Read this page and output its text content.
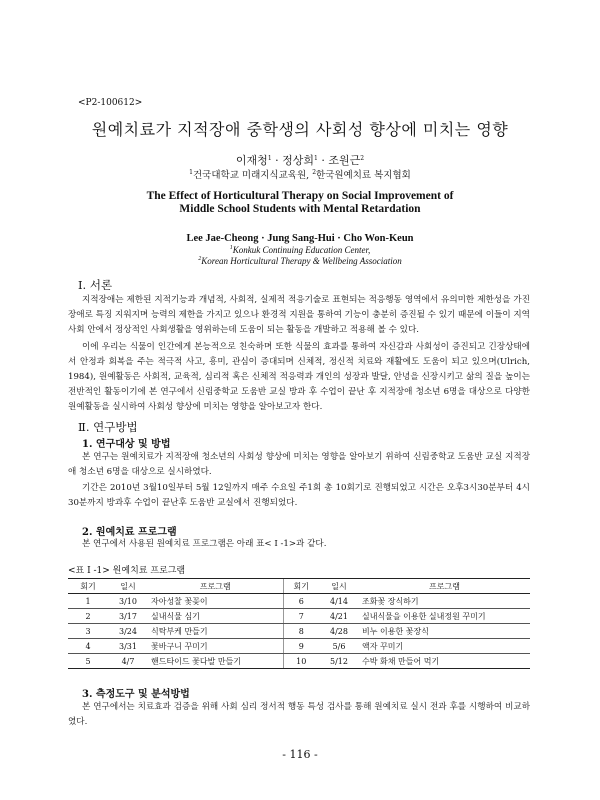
<P2-100612>
원예치료가 지적장애 중학생의 사회성 향상에 미치는 영향
이재청$^1$ · 정상희$^1$ · 조원근$^2$
$^1$건국대학교 미래지식교육원, $^2$한국원예치료 복지협회
The Effect of Horticultural Therapy on Social Improvement of
Middle School Students with Mental Retardation
Lee Jae-Cheong · Jung Sang-Hui · Cho Won-Keun
$^1$Konkuk Continuing Education Center,
$^2$Korean Horticultural Therapy & Wellbeing Association
Ⅰ. 서론

지적장애는 제한된 지적기능과 개념적, 사회적, 실제적 적응기술로 표현되는 적응행동 영역에서 유의미한 제한성을 가진 장애로 특징 지워지며 능력의 제한을 가지고 있으나 환경적 지원을 통하여 기능이 충분히 증진될 수 있기 때문에 이들이 지역사회 안에서 정상적인 사회생활을 영위하는데 도움이 되는 활동을 개발하고 적용해 볼 수 있다.

이에 우리는 식물이 인간에게 본능적으로 친숙하며 또한 식물의 효과를 통하여 자신감과 사회성이 증진되고 긴장상태에서 안정과 회복을 주는 적극적 사고, 흥미, 관심이 증대되며 신체적, 정신적 치료와 재활에도 도움이 되고 있으며(Ulrich, 1984), 원예활동은 사회적, 교육적, 심리적 혹은 신체적 적응력과 개인의 성장과 발달, 안녕을 신장시키고 삶의 질을 높이는 전반적인 활동이기에 본 연구에서 신림중학교 도움반 교실 방과 후 수업이 끝난 후 지적장애 청소년 6명을 대상으로 다양한 원예활동을 실시하여 사회성 향상에 미치는 영향을 알아보고자 한다.

Ⅱ. 연구방법
1. 연구대상 및 방법

본 연구는 원예치료가 지적장애 청소년의 사회성 향상에 미치는 영향을 알아보기 위하여 신림중학교 도움반 교실 지적장애 청소년 6명을 대상으로 실시하였다.

기간은 2010년 3월10일부터 5월 12일까지 매주 수요일 주1회 총 10회기로 진행되었고 시간은 오후3시30분부터 4시 30분까지 방과후 수업이 끝난후 도움반 교실에서 진행되었다.

2. 원예치료 프로그램

본 연구에서 사용된 원예치료 프로그램은 아래 표< I -1>과 같다.

<표 I -1> 원예치료 프로그램
회기	일시	프로그램	회기	일시	프로그램
1	3/10	자아성찰 꽃꽂이	6	4/14	조화꽃 장식하기
2	3/17	실내식물 심기	7	4/21	실내식물을 이용한 실내정원 꾸미기
3	3/24	식탁부케 만들기	8	4/28	비누 이용한 꽃장식
4	3/31	꽃바구니 꾸미기	9	5/6	액자 꾸미기
5	4/7	핸드타이드 꽃다발 만들기	10	5/12	수박 화채 만들어 먹기
3. 측정도구 및 분석방법

본 연구에서는 치료효과 검증을 위해 사회 심리 정서적 행동 특성 검사를 통해 원예치료 실시 전과 후를 시행하여 비교하였다.

- 116 -
